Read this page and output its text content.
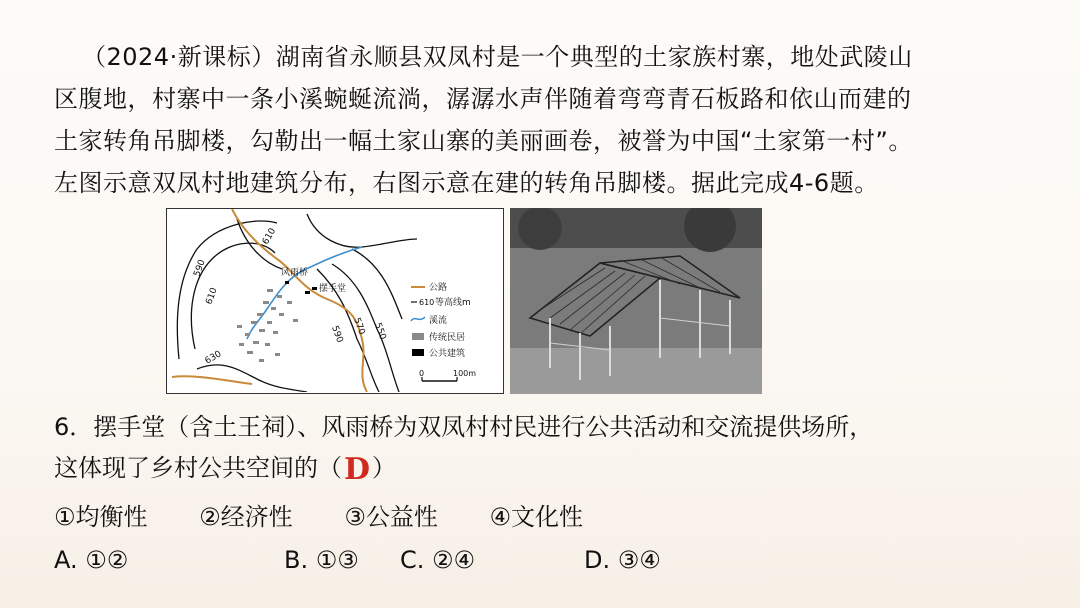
（2024·新课标）湖南省永顺县双凤村是一个典型的土家族村寨，地处武陵山
区腹地，村寨中一条小溪蜿蜒流淌，潺潺水声伴随着弯弯青石板路和依山而建的
土家转角吊脚楼，勾勒出一幅土家山寨的美丽画卷，被誉为中国“土家第一村”。
左图示意双凤村地建筑分布，右图示意在建的转角吊脚楼。据此完成4-6题。
610
590
610
590 570 550
630
风雨桥
摆手堂	公路
610 等高线m
溪流
传统民居
公共建筑
0	100m
6．摆手堂（含土王祠）、风雨桥为双凤村村民进行公共活动和交流提供场所，
这体现了乡村公共空间的（D）
①均衡性 ②经济性 ③公益性 ④文化性
A. ①②	B. ①③ C. ②④	D. ③④
